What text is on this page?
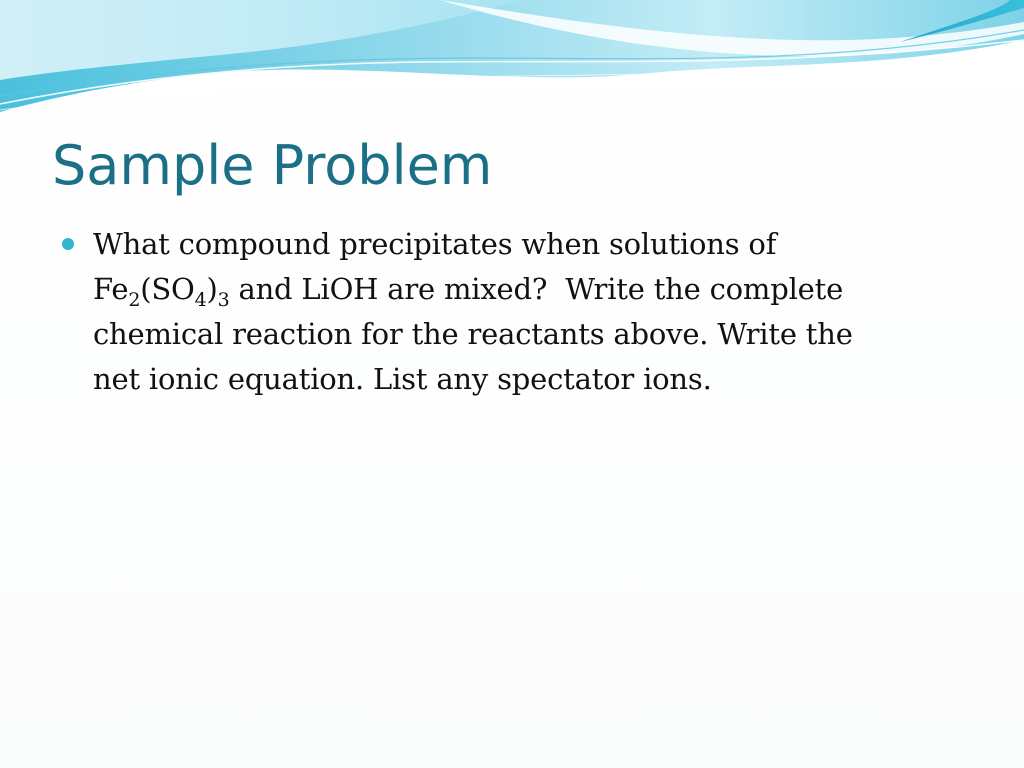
Sample Problem
What compound precipitates when solutions of
$Fe_2(SO_4)_3$ and LiOH are mixed?  Write the complete
chemical reaction for the reactants above. Write the
net ionic equation. List any spectator ions.
